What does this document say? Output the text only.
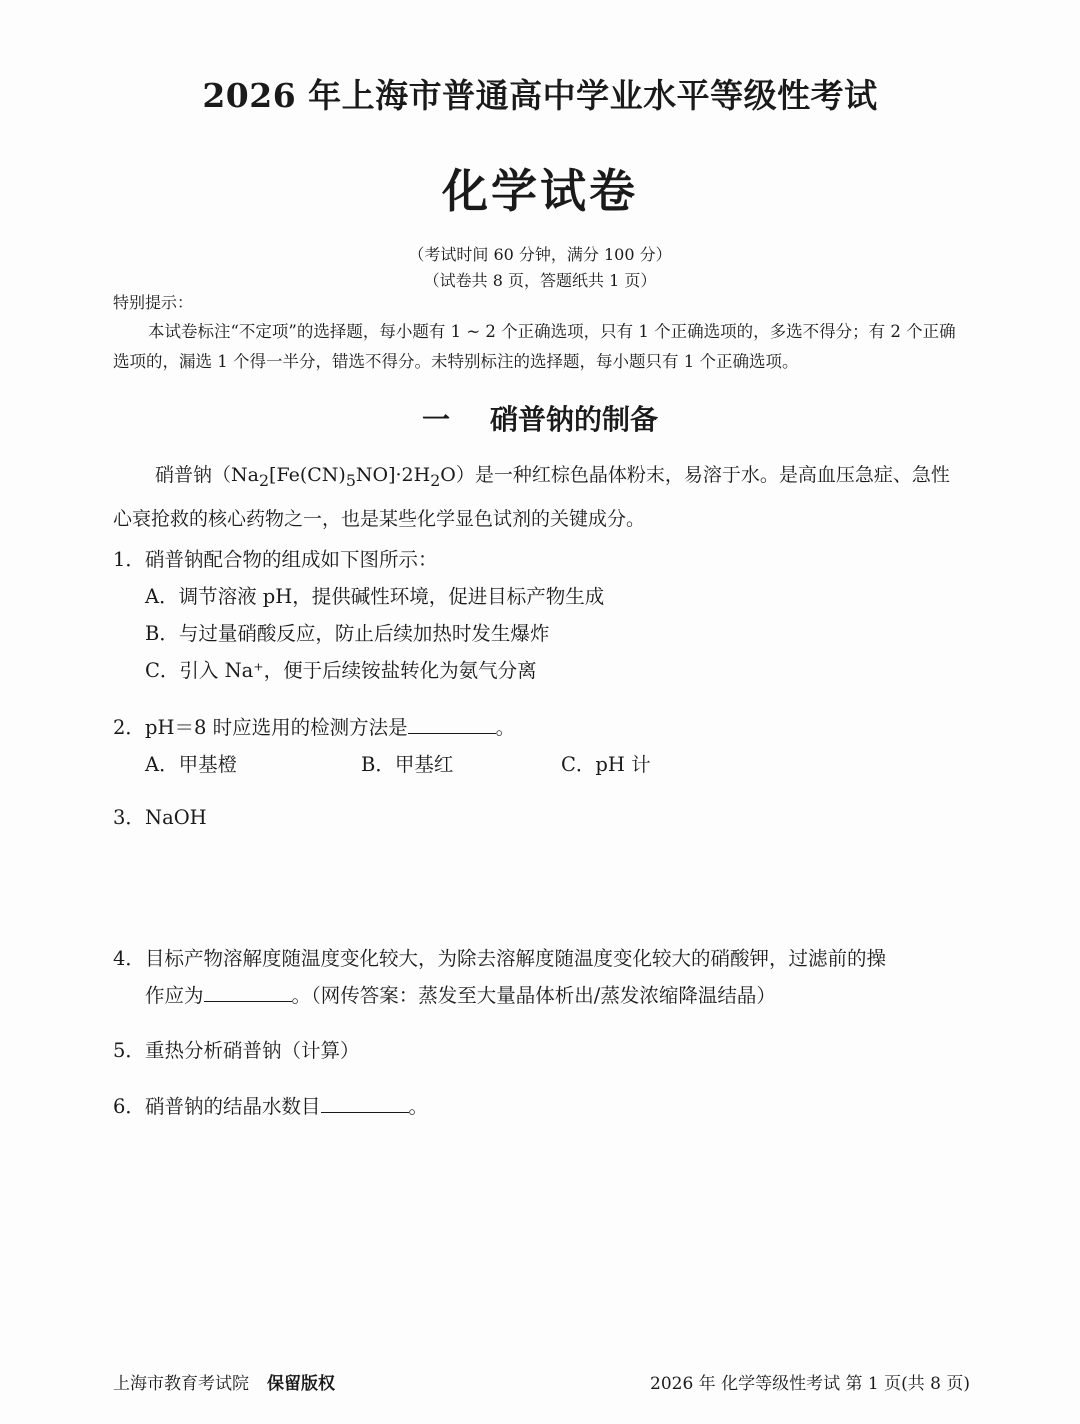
2026 年上海市普通高中学业水平等级性考试
化学试卷
（考试时间 60 分钟，满分 100 分）
（试卷共 8 页，答题纸共 1 页）
特别提示：
本试卷标注“不定项”的选择题，每小题有 1 ~ 2 个正确选项，只有 1 个正确选项的，多选不得分；有 2 个正确选项的，漏选 1 个得一半分，错选不得分。未特别标注的选择题，每小题只有 1 个正确选项。
一 硝普钠的制备
硝普钠$(Na_2[Fe(CN)_5NO]\cdot 2H_2O)$是一种红棕色晶体粉末，易溶于水。是高血压急症、急性心衰抢救的核心药物之一，也是某些化学显色试剂的关键成分。
1．硝普钠配合物的组成如下图所示：
A．调节溶液 pH，提供碱性环境，促进目标产物生成
B．与过量硝酸反应，防止后续加热时发生爆炸
C．引入 Na⁺，便于后续铵盐转化为氨气分离
2．pH＝8 时应选用的检测方法是	。
A．甲基橙	B．甲基红	C．pH 计
3．NaOH
4．目标产物溶解度随温度变化较大，为除去溶解度随温度变化较大的硝酸钾，过滤前的操
作应为	。（网传答案：蒸发至大量晶体析出/蒸发浓缩降温结晶）
5．重热分析硝普钠（计算）
6．硝普钠的结晶水数目	。
上海市教育考试院 保留版权	2026 年 化学等级性考试 第 1 页(共 8 页)
